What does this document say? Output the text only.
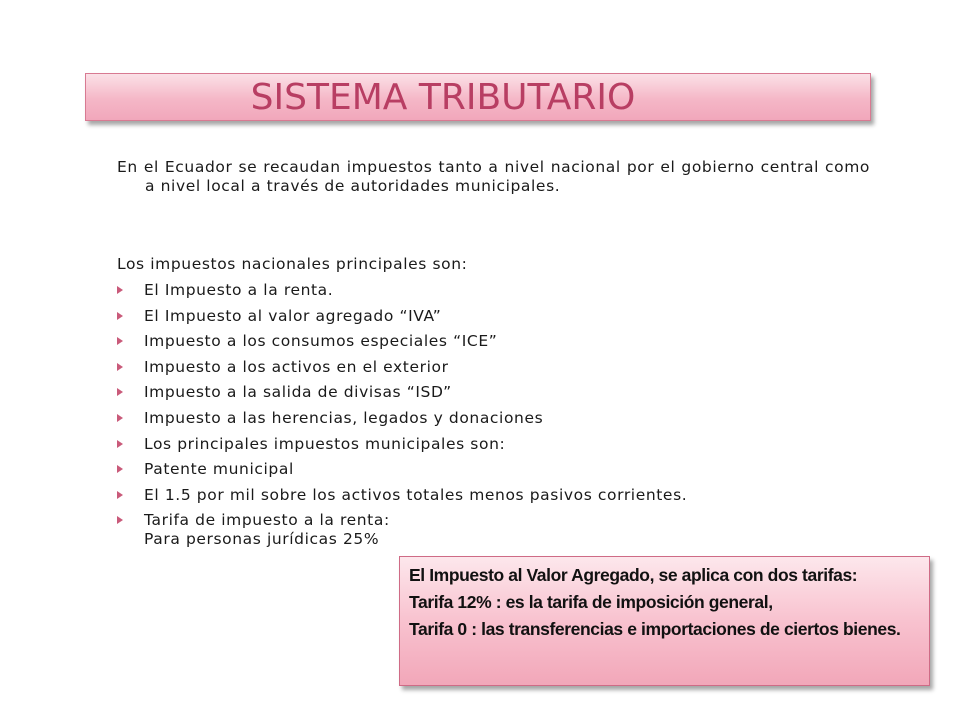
SISTEMA TRIBUTARIO
En el Ecuador se recaudan impuestos tanto a nivel nacional por el gobierno central como a nivel local a través de autoridades municipales.
Los impuestos nacionales principales son:
El Impuesto a la renta.
El Impuesto al valor agregado “IVA”
Impuesto a los consumos especiales “ICE”
Impuesto a los activos en el exterior
Impuesto a la salida de divisas “ISD”
Impuesto a las herencias, legados y donaciones
Los principales impuestos municipales son:
Patente municipal
El 1.5 por mil sobre los activos totales menos pasivos corrientes.
Tarifa de impuesto a la renta:
Para personas jurídicas 25%

El Impuesto al Valor Agregado, se aplica con dos tarifas:

Tarifa 12% : es la tarifa de imposición general,

Tarifa 0 : las transferencias e importaciones de ciertos bienes.
